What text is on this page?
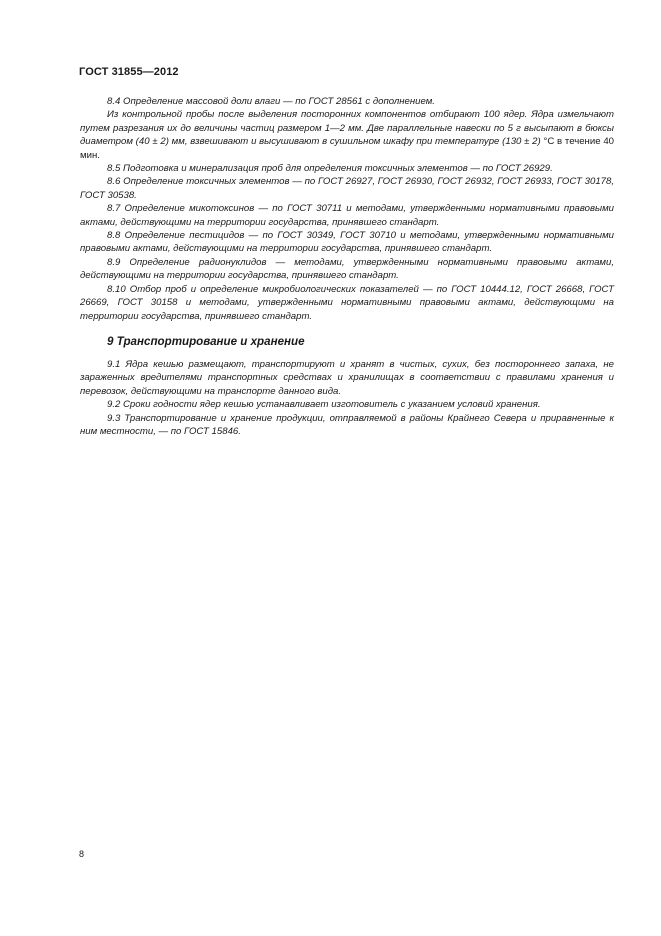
ГОСТ 31855—2012

8.4 Определение массовой доли влаги — по ГОСТ 28561 с дополнением.

Из контрольной пробы после выделения посторонних компонентов отбирают 100 ядер. Ядра измельчают путем разрезания их до величины частиц размером 1—2 мм. Две параллельные навески по 5 г высыпают в бюксы диаметром (40 ± 2) мм, взвешивают и высушивают в сушильном шкафу при температуре (130 ± 2) °С в течение 40 мин.

8.5 Подготовка и минерализация проб для определения токсичных элементов — по ГОСТ 26929.

8.6 Определение токсичных элементов — по ГОСТ 26927, ГОСТ 26930, ГОСТ 26932, ГОСТ 26933, ГОСТ 30178, ГОСТ 30538.

8.7 Определение микотоксинов — по ГОСТ 30711 и методами, утвержденными нормативными правовыми актами, действующими на территории государства, принявшего стандарт.

8.8 Определение пестицидов — по ГОСТ 30349, ГОСТ 30710 и методами, утвержденными нормативными правовыми актами, действующими на территории государства, принявшего стандарт.

8.9 Определение радионуклидов — методами, утвержденными нормативными правовыми актами, действующими на территории государства, принявшего стандарт.

8.10 Отбор проб и определение микробиологических показателей — по ГОСТ 10444.12, ГОСТ 26668, ГОСТ 26669, ГОСТ 30158 и методами, утвержденными нормативными правовыми актами, действующими на территории государства, принявшего стандарт.

9 Транспортирование и хранение

9.1 Ядра кешью размещают, транспортируют и хранят в чистых, сухих, без постороннего запаха, не зараженных вредителями транспортных средствах и хранилищах в соответствии с правилами хранения и перевозок, действующими на транспорте данного вида.

9.2 Сроки годности ядер кешью устанавливает изготовитель с указанием условий хранения.

9.3 Транспортирование и хранение продукции, отправляемой в районы Крайнего Севера и приравненные к ним местности, — по ГОСТ 15846.

8
